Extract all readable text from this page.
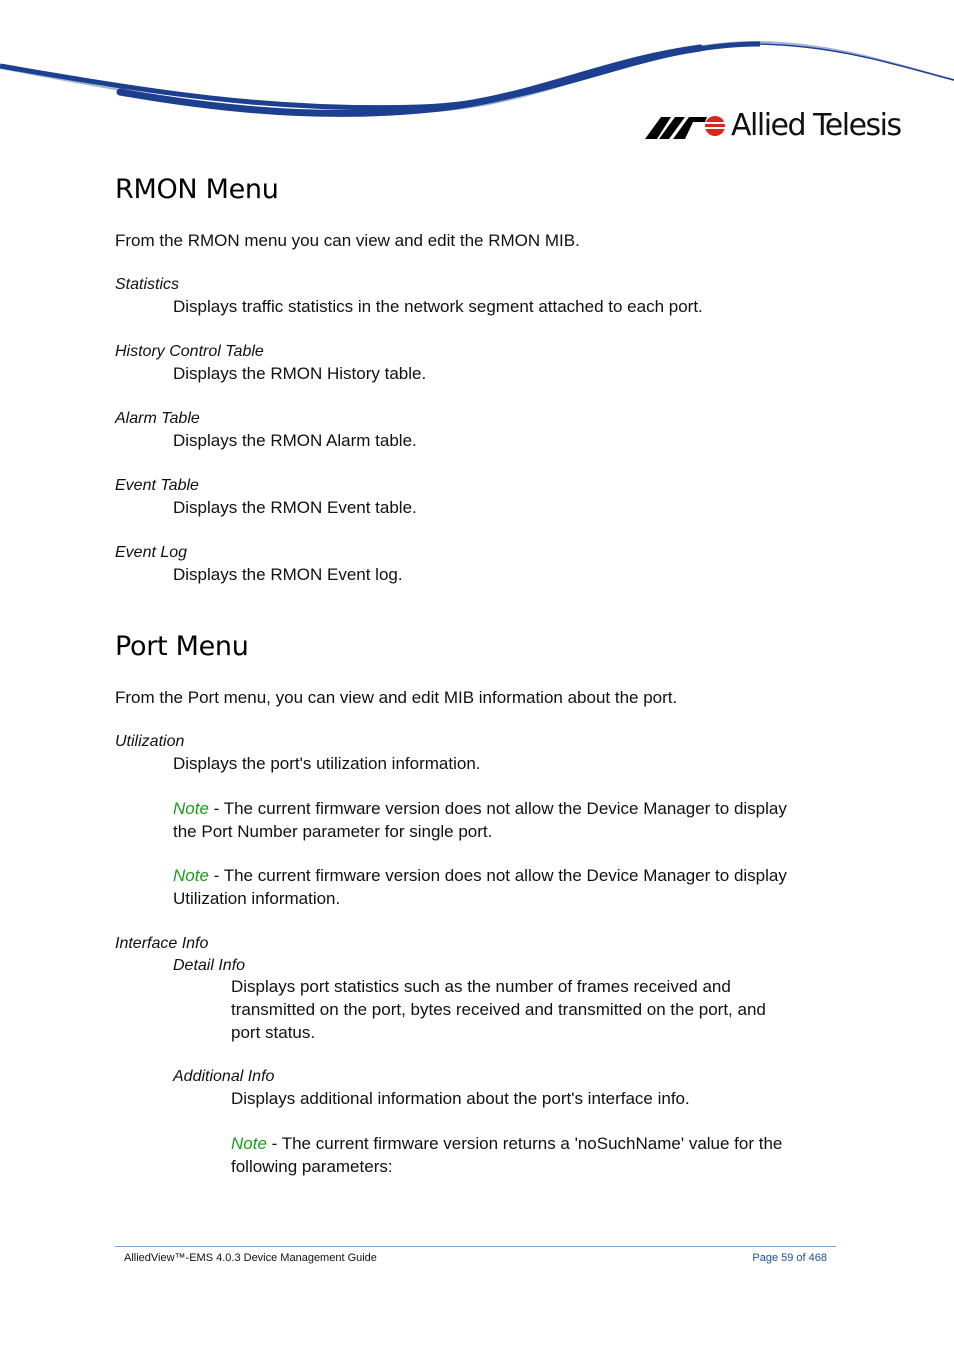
Allied Telesis
RMON Menu

From the RMON menu you can view and edit the RMON MIB.

Statistics

Displays traffic statistics in the network segment attached to each port.

History Control Table

Displays the RMON History table.

Alarm Table

Displays the RMON Alarm table.

Event Table

Displays the RMON Event table.

Event Log

Displays the RMON Event log.

Port Menu

From the Port menu, you can view and edit MIB information about the port.

Utilization

Displays the port's utilization information.

Note - The current firmware version does not allow the Device Manager to display

the Port Number parameter for single port.

Note - The current firmware version does not allow the Device Manager to display

Utilization information.

Interface Info

Detail Info

Displays port statistics such as the number of frames received and

transmitted on the port, bytes received and transmitted on the port, and

port status.

Additional Info

Displays additional information about the port's interface info.

Note - The current firmware version returns a 'noSuchName' value for the

following parameters:

AlliedView™-EMS 4.0.3 Device Management Guide	Page 59 of 468
